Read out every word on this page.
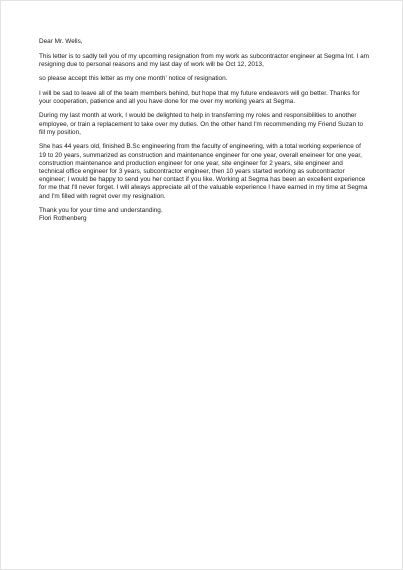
Dear Mr. Wells,

This letter is to sadly tell you of my upcoming resignation from my work as subcontractor engineer at Segma Int. I am resigning due to personal reasons and my last day of work will be Oct 12, 2013,

so please accept this letter as my one month' notice of resignation.

I will be sad to leave all of the team members behind, but hope that my future endeavors will go better. Thanks for your cooperation, patience and all you have done for me over my working years at Segma.

During my last month at work, I would be delighted to help in transferring my roles and responsibilities to another employee, or train a replacement to take over my duties. On the other hand I'm recommending my Friend Suzan to fill my position,

She has 44 years old, finished B.Sc engineering from the faculty of engineering, with a total working experience of 19 to 20 years, summarized as construction and maintenance engineer for one year, overall eneineer for one year, construction maintenance and production engineer for one year, site engineer for 2 years, site engineer and technical office engineer for 3 years, subcontractor engineer, then 10 years started working as subcontractor engineer; I would be happy to send you her contact if you like. Working at Segma has been an excellent experience for me that I'll never forget. I will always appreciate all of the valuable experience I have earned in my time at Segma and I'm filled with regret over my resignation.

Thank you for your time and understanding.

Flori Rothenberg
